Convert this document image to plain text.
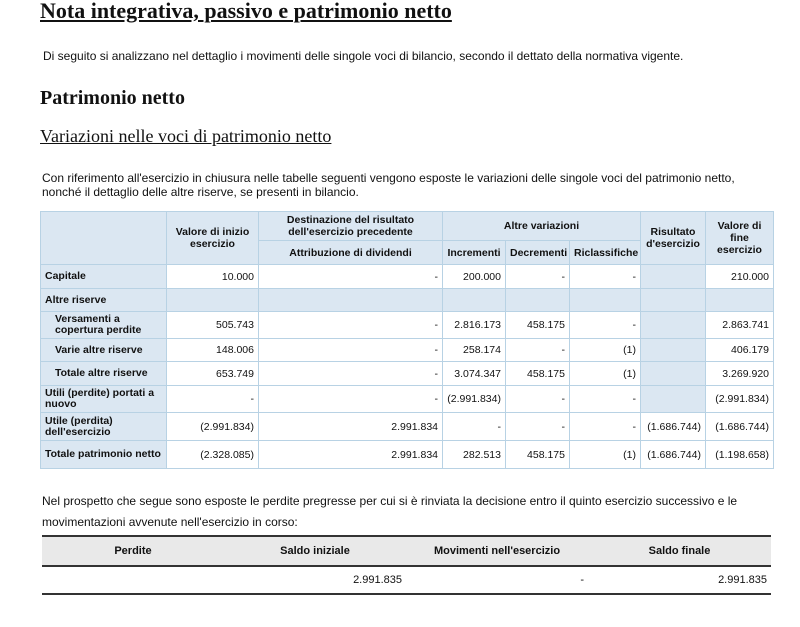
Nota integrativa, passivo e patrimonio netto
Di seguito si analizzano nel dettaglio i movimenti delle singole voci di bilancio, secondo il dettato della normativa vigente.
Patrimonio netto
Variazioni nelle voci di patrimonio netto
Con riferimento all'esercizio in chiusura nelle tabelle seguenti vengono esposte le variazioni delle singole voci del patrimonio netto, nonché il dettaglio delle altre riserve, se presenti in bilancio.
	Valore di inizio esercizio	Destinazione del risultato dell'esercizio precedente	Altre variazioni			Risultato d'esercizio	Valore di fine esercizio
		Attribuzione di dividendi	Incrementi	Decrementi	Riclassifiche		
Capitale	10.000	-	200.000	-	-		210.000
Altre riserve							
Versamenti a copertura perdite	505.743	-	2.816.173	458.175	-		2.863.741
Varie altre riserve	148.006	-	258.174	-	(1)		406.179
Totale altre riserve	653.749	-	3.074.347	458.175	(1)		3.269.920
Utili (perdite) portati a nuovo	-	-	(2.991.834)	-	-		(2.991.834)
Utile (perdita) dell'esercizio	(2.991.834)	2.991.834	-	-	-	(1.686.744)	(1.686.744)
Totale patrimonio netto	(2.328.085)	2.991.834	282.513	458.175	(1)	(1.686.744)	(1.198.658)
Nel prospetto che segue sono esposte le perdite pregresse per cui si è rinviata la decisione entro il quinto esercizio successivo e le movimentazioni avvenute nell'esercizio in corso:
Perdite	Saldo iniziale	Movimenti nell'esercizio	Saldo finale
	2.991.835	-	2.991.835
